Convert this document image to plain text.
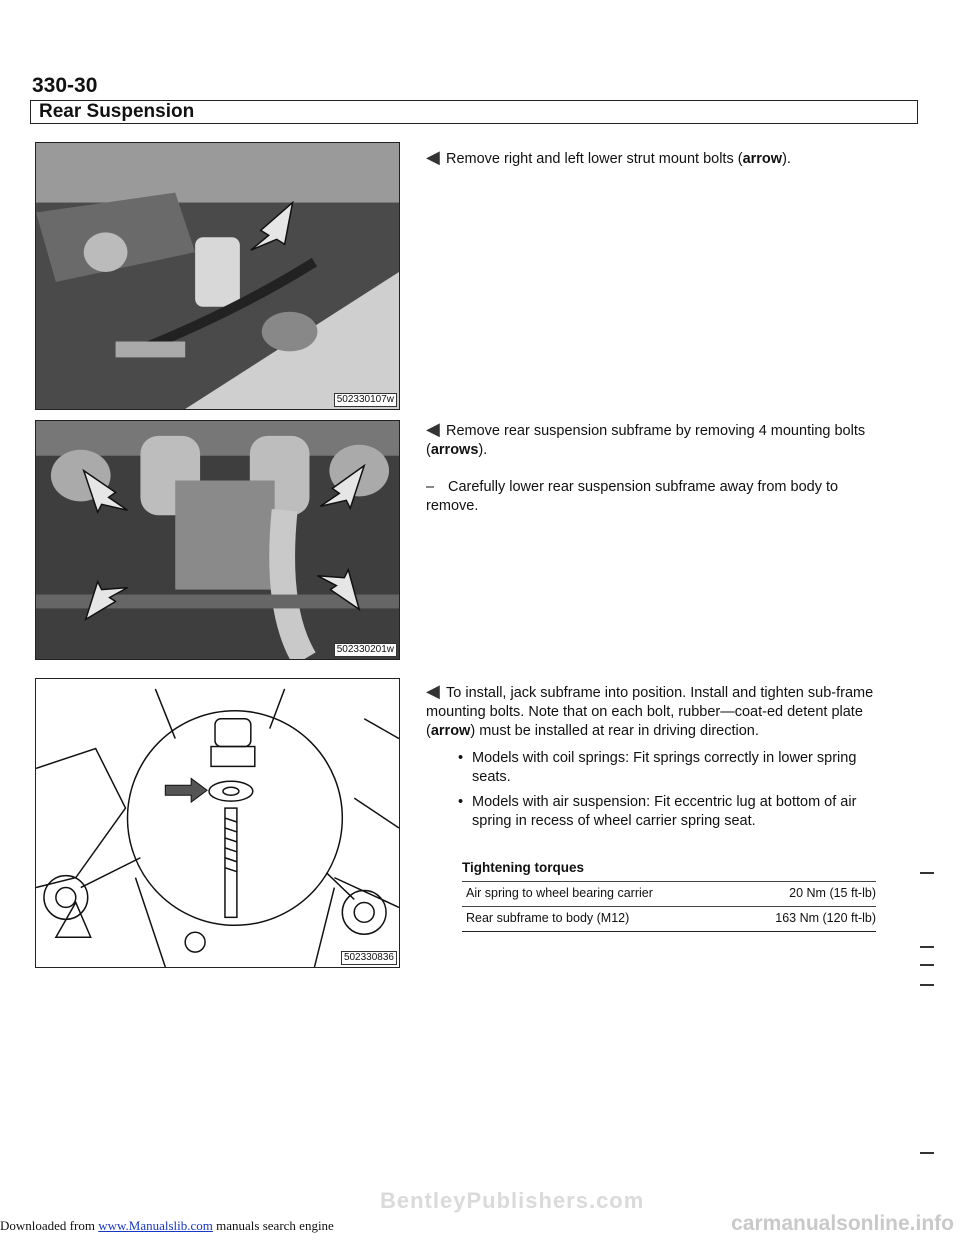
330-30
Rear Suspension
502330107w
502330201w
502330836
◀ Remove right and left lower strut mount bolts (arrow).
◀ Remove rear suspension subframe by removing 4 mounting bolts (arrows).
– Carefully lower rear suspension subframe away from body to remove.
◀ To install, jack subframe into position. Install and tighten sub-frame mounting bolts. Note that on each bolt, rubber—coat-ed detent plate (arrow) must be installed at rear in driving direction.
• Models with coil springs: Fit springs correctly in lower spring seats.
• Models with air suspension: Fit eccentric lug at bottom of air spring in recess of wheel carrier spring seat.
Tightening torques
Air spring to wheel bearing carrier	20 Nm (15 ft-lb)
Rear subframe to body (M12)	163 Nm (120 ft-lb)
BentleyPublishers.com
Downloaded from www.Manualslib.com manuals search engine	carmanualsonline.info
